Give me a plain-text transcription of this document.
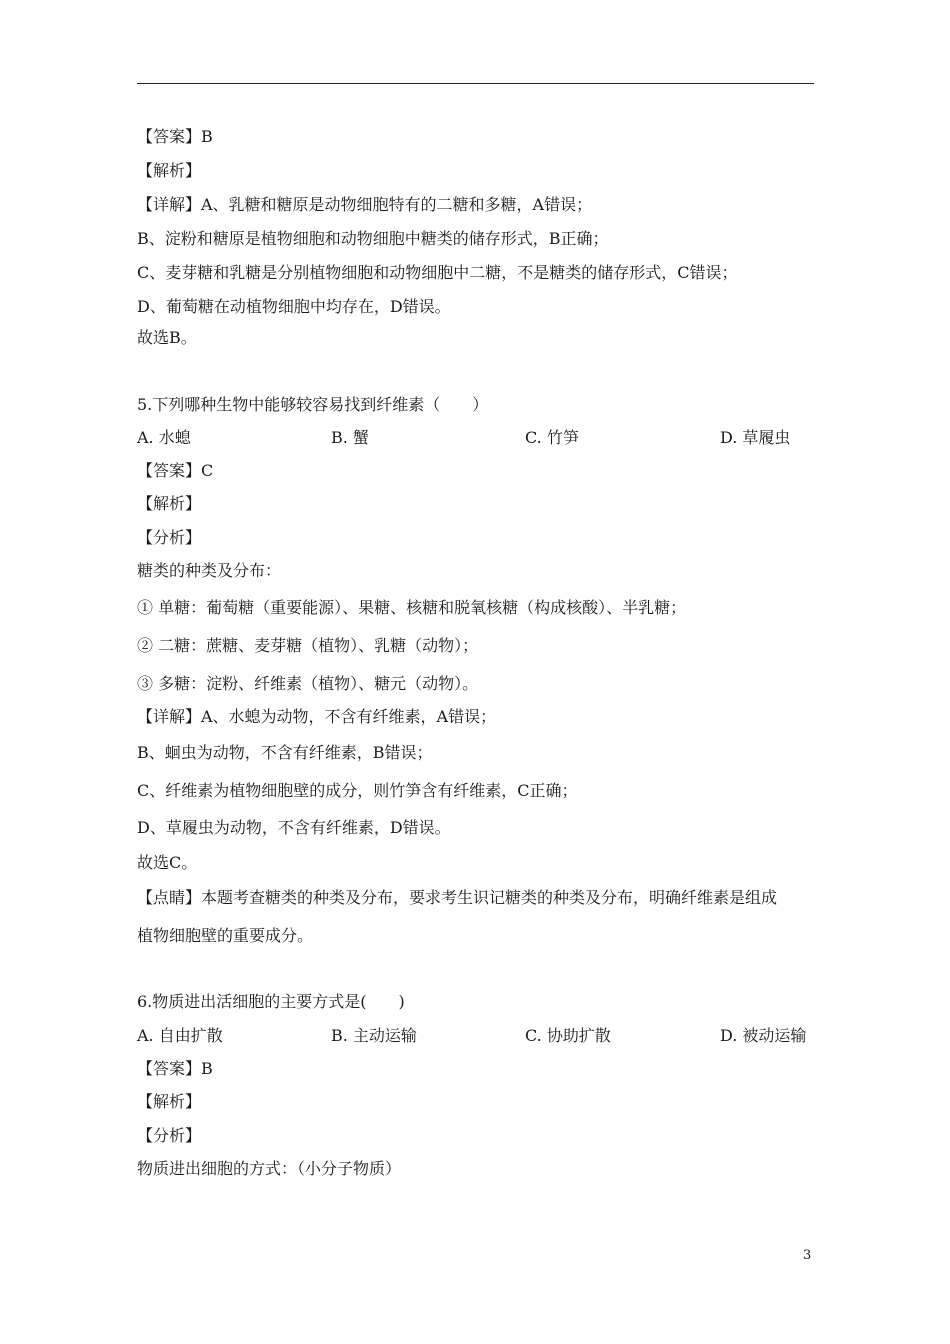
【答案】B
【解析】
【详解】A、乳糖和糖原是动物细胞特有的二糖和多糖，A错误；
B、淀粉和糖原是植物细胞和动物细胞中糖类的储存形式，B正确；
C、麦芽糖和乳糖是分别植物细胞和动物细胞中二糖，不是糖类的储存形式，C错误；
D、葡萄糖在动植物细胞中均存在，D错误。
故选B。
5.下列哪种生物中能够较容易找到纤维素（　　）
A. 水螅	B. 蟹	C. 竹笋	D. 草履虫
【答案】C
【解析】
【分析】
糖类的种类及分布：
① 单糖：葡萄糖（重要能源）、果糖、核糖和脱氧核糖（构成核酸）、半乳糖；
② 二糖：蔗糖、麦芽糖（植物）、乳糖（动物）；
③ 多糖：淀粉、纤维素（植物）、糖元（动物）。
【详解】A、水螅为动物，不含有纤维素，A错误；
B、蛔虫为动物，不含有纤维素，B错误；
C、纤维素为植物细胞壁的成分，则竹笋含有纤维素，C正确；
D、草履虫为动物，不含有纤维素，D错误。
故选C。
【点睛】本题考查糖类的种类及分布，要求考生识记糖类的种类及分布，明确纤维素是组成
植物细胞壁的重要成分。
6.物质进出活细胞的主要方式是(　　)
A. 自由扩散	B. 主动运输	C. 协助扩散	D. 被动运输
【答案】B
【解析】
【分析】
物质进出细胞的方式：（小分子物质）
3
